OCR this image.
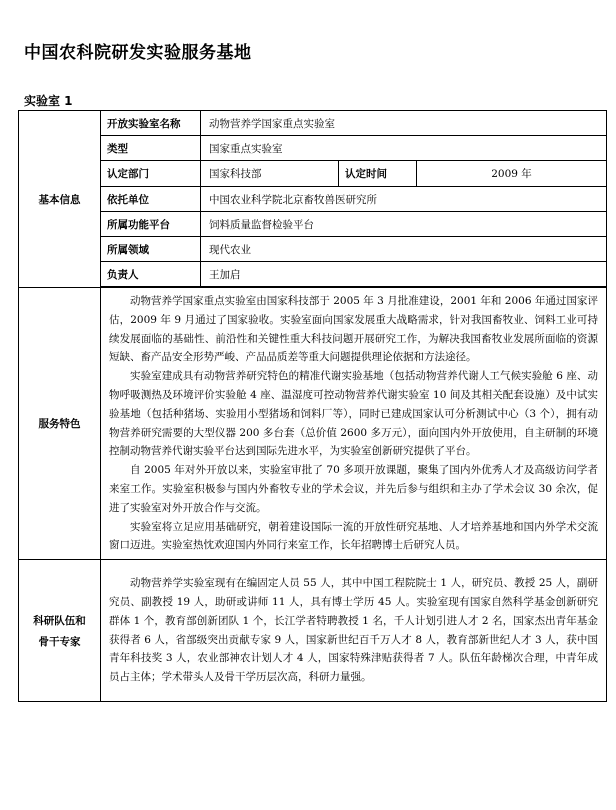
中国农科院研发实验服务基地
实验室 1
基本信息	开放实验室名称	动物营养学国家重点实验室		
	类型	国家重点实验室		
	认定部门	国家科技部	认定时间	2009 年
	依托单位	中国农业科学院北京畜牧兽医研究所		
	所属功能平台	饲料质量监督检验平台		
	所属领域	现代农业		
	负责人	王加启		

服务特色	动物营养学国家重点实验室由国家科技部于 2005 年 3 月批准建设，2001 年和 2006 年通过国家评估，2009 年 9 月通过了国家验收。实验室面向国家发展重大战略需求，针对我国畜牧业、饲料工业可持续发展面临的基础性、前沿性和关键性重大科技问题开展研究工作，为解决我国畜牧业发展所面临的资源短缺、畜产品安全形势严峻、产品品质差等重大问题提供理论依据和方法途径。

实验室建成具有动物营养研究特色的精准代谢实验基地（包括动物营养代谢人工气候实验舱 6 座、动物呼吸测热及环境评价实验舱 4 座、温湿度可控动物营养代谢实验室 10 间及其相关配套设施）及中试实验基地（包括种猪场、实验用小型猪场和饲料厂等），同时已建成国家认可分析测试中心（3 个），拥有动物营养研究需要的大型仪器 200 多台套（总价值 2600 多万元），面向国内外开放使用，自主研制的环境控制动物营养代谢实验平台达到国际先进水平，为实验室创新研究提供了平台。

自 2005 年对外开放以来，实验室审批了 70 多项开放课题，聚集了国内外优秀人才及高级访问学者来室工作。实验室积极参与国内外畜牧专业的学术会议，并先后参与组织和主办了学术会议 30 余次，促进了实验室对外开放合作与交流。

实验室将立足应用基础研究，朝着建设国际一流的开放性研究基地、人才培养基地和国内外学术交流窗口迈进。实验室热忱欢迎国内外同行来室工作，长年招聘博士后研究人员。			

科研队伍和
骨干专家	动物营养学实验室现有在编固定人员 55 人，其中中国工程院院士 1 人，研究员、教授 25 人，副研究员、副教授 19 人，助研或讲师 11 人，具有博士学历 45 人。实验室现有国家自然科学基金创新研究群体 1 个，教育部创新团队 1 个，长江学者特聘教授 1 名，千人计划引进人才 2 名，国家杰出青年基金获得者 6 人，省部级突出贡献专家 9 人，国家新世纪百千万人才 8 人，教育部新世纪人才 3 人，获中国青年科技奖 3 人，农业部神农计划人才 4 人，国家特殊津贴获得者 7 人。队伍年龄梯次合理，中青年成员占主体；学术带头人及骨干学历层次高，科研力量强。			
